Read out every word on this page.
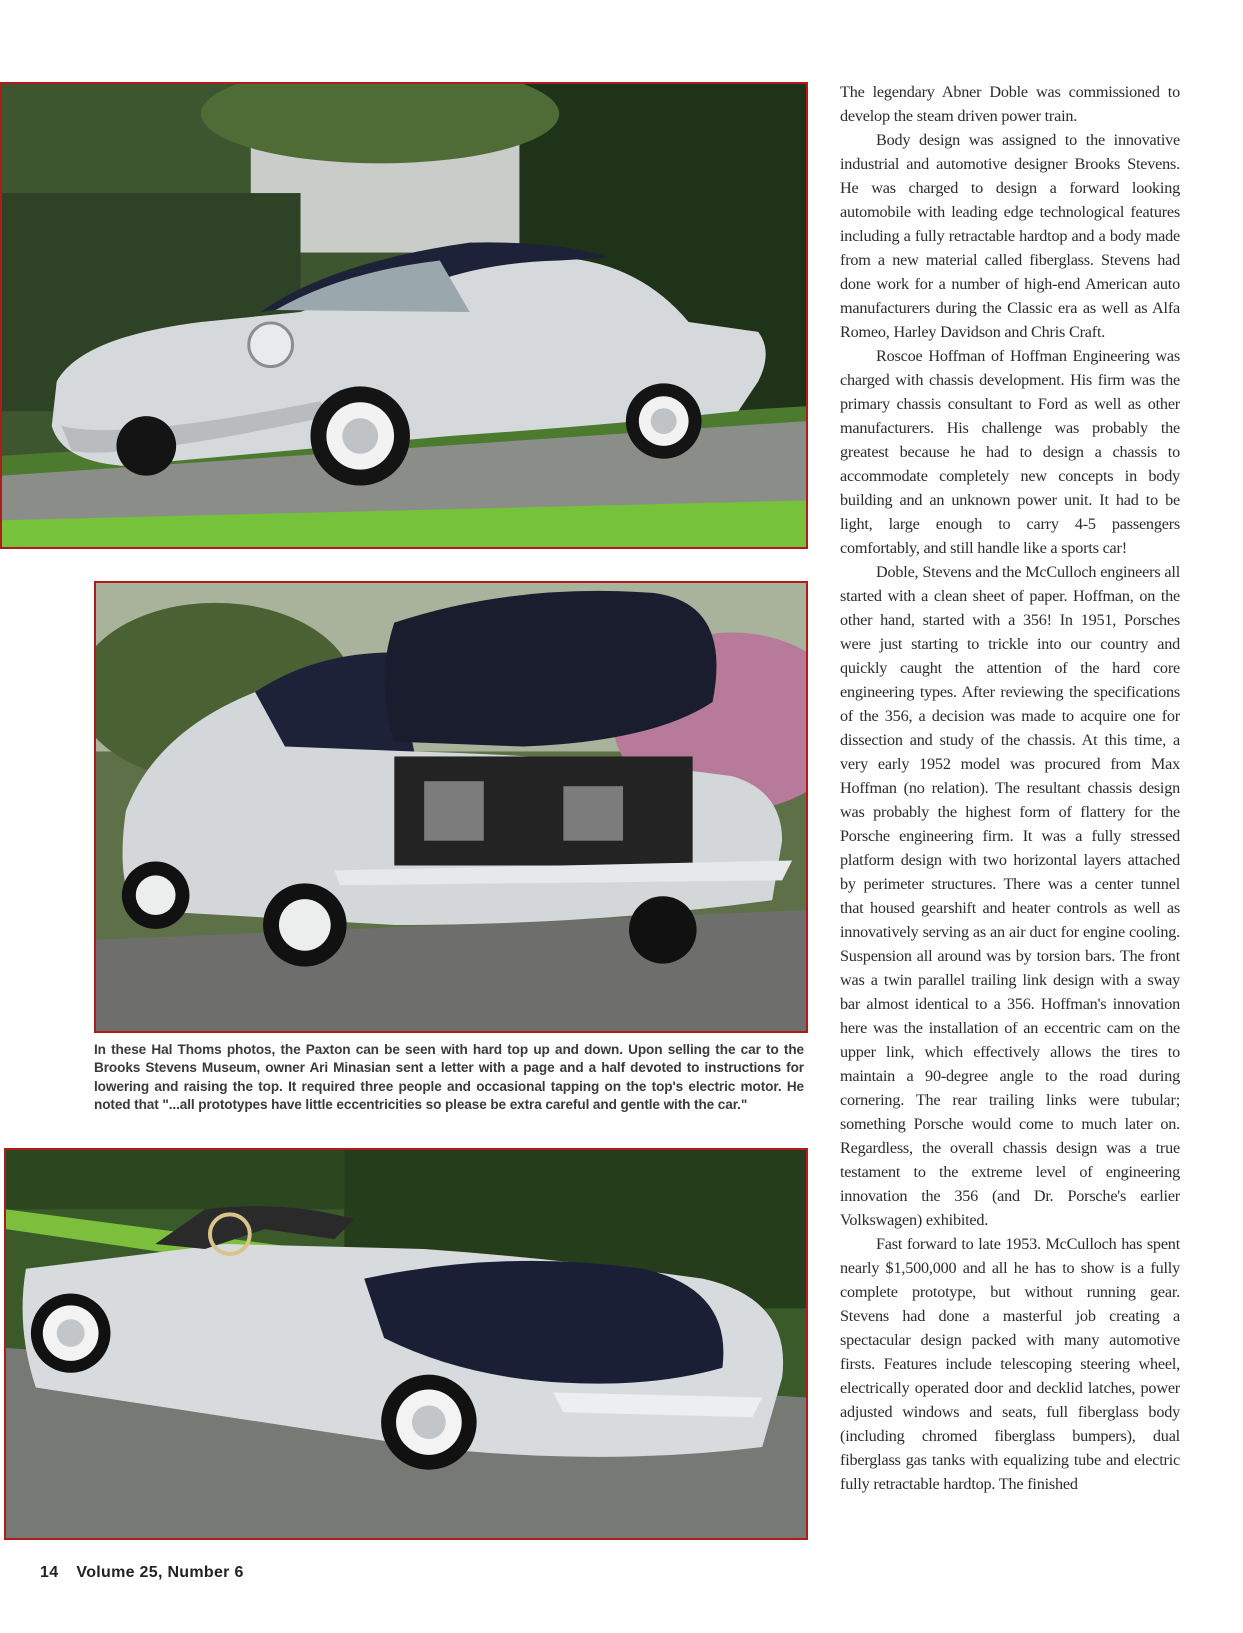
In these Hal Thoms photos, the Paxton can be seen with hard top up and down. Upon selling the car to the Brooks Stevens Museum, owner Ari Minasian sent a letter with a page and a half devoted to instructions for lowering and raising the top. It required three people and occasional tapping on the top's electric motor. He noted that "...all prototypes have little eccentricities so please be extra careful and gentle with the car."

The legendary Abner Doble was commissioned to develop the steam driven power train.

Body design was assigned to the innovative industrial and automotive designer Brooks Stevens. He was charged to design a forward looking automobile with leading edge technological features including a fully retractable hardtop and a body made from a new material called fiberglass. Stevens had done work for a number of high-end American auto manufacturers during the Classic era as well as Alfa Romeo, Harley Davidson and Chris Craft.

Roscoe Hoffman of Hoffman Engineering was charged with chassis development. His firm was the primary chassis consultant to Ford as well as other manufacturers. His challenge was probably the greatest because he had to design a chassis to accommodate completely new concepts in body building and an unknown power unit. It had to be light, large enough to carry 4-5 passengers comfortably, and still handle like a sports car!

Doble, Stevens and the McCulloch engineers all started with a clean sheet of paper. Hoffman, on the other hand, started with a 356! In 1951, Porsches were just starting to trickle into our country and quickly caught the attention of the hard core engineering types. After reviewing the specifications of the 356, a decision was made to acquire one for dissection and study of the chassis. At this time, a very early 1952 model was procured from Max Hoffman (no relation). The resultant chassis design was probably the highest form of flattery for the Porsche engineering firm. It was a fully stressed platform design with two horizontal layers attached by perimeter structures. There was a center tunnel that housed gearshift and heater controls as well as innovatively serving as an air duct for engine cooling. Suspension all around was by torsion bars. The front was a twin parallel trailing link design with a sway bar almost identical to a 356. Hoffman's innovation here was the installation of an eccentric cam on the upper link, which effectively allows the tires to maintain a 90-degree angle to the road during cornering. The rear trailing links were tubular; something Porsche would come to much later on. Regardless, the overall chassis design was a true testament to the extreme level of engineering innovation the 356 (and Dr. Porsche's earlier Volkswagen) exhibited.

Fast forward to late 1953. McCulloch has spent nearly $1,500,000 and all he has to show is a fully complete prototype, but without running gear. Stevens had done a masterful job creating a spectacular design packed with many automotive firsts. Features include telescoping steering wheel, electrically operated door and decklid latches, power adjusted windows and seats, full fiberglass body (including chromed fiberglass bumpers), dual fiberglass gas tanks with equalizing tube and electric fully retractable hardtop. The finished

14 Volume 25, Number 6
